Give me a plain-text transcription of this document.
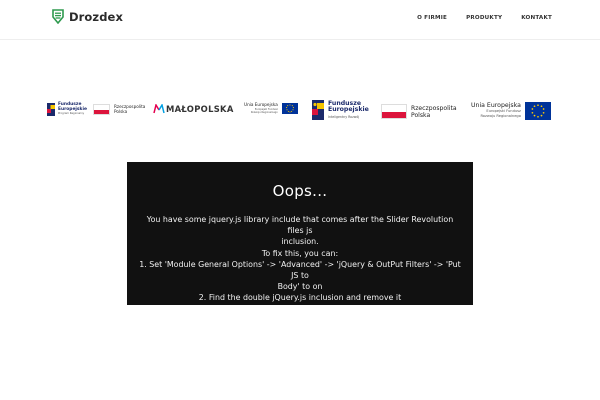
Drozdex	O FIRMIE	PRODUKTY	KONTAKT
Fundusze
Europejskie
Program Regionalny
Rzeczpospolita
Polska	MAŁOPOLSKA Unia Europejska
Europejski Fundusz
Rozwoju Regionalnego
Fundusze
Europejskie
Inteligentny Rozwój
Rzeczpospolita
Polska
Unia Europejska
Europejski Fundusz
Rozwoju Regionalnego
Oops...
You have some jquery.js library include that comes after the Slider Revolution files js
inclusion.
To fix this, you can:
1. Set 'Module General Options' -> 'Advanced' -> 'jQuery & OutPut Filters' -> 'Put JS to
Body' to on
2. Find the double jQuery.js inclusion and remove it
